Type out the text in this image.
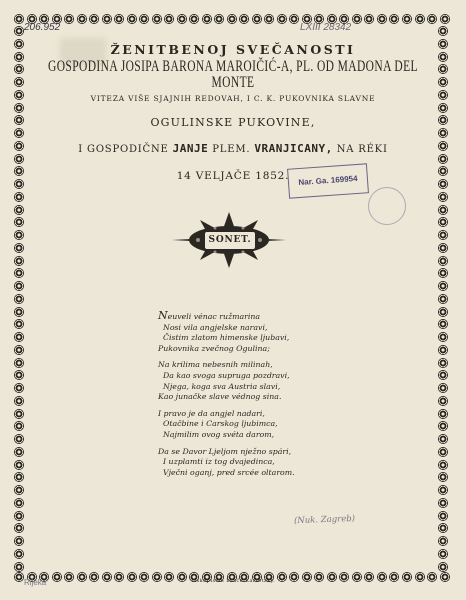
206.952	LXIII 28342
ŽENITBENOJ SVEČANOSTI
GOSPODINA JOSIPA BARONA MAROIČIĆ-A, PL. OD MADONA DEL MONTE
VITEZA VIŠE SJAJNIH REDOVAH, I C. K. PUKOVNIKA SLAVNE
OGULINSKE PUKOVINE,
I GOSPODIČNE JANJE PLEM. VRANJICANY, NA RÉKI
14 VELJAČE 1852.	Nar. Ga. 169954
SONET.
Neuveli vénac ružmarina
Nosi vila angjelske naravi,
Čistim zlatom himenske ljubavi,
Pukovnika zvečnog Ogulina;
Na krilima nebesnih milinah,
Da kao svoga supruga pozdravi,
Njega, koga sva Austria slavi,
Kao junačke slave védnog sina.
I pravo je da angjel nadari,
Otačbine i Carskog ljubimca,
Najmilim ovog svéta darom,
Da se Davor Ljeljom nježno spári,
I uzplamti iz tog dvajedinca,
Vječni oganj, pred srcée oltarom.
(Nuk. Zagreb)
Rijeka	Tiskopisom braće Karletzky.
